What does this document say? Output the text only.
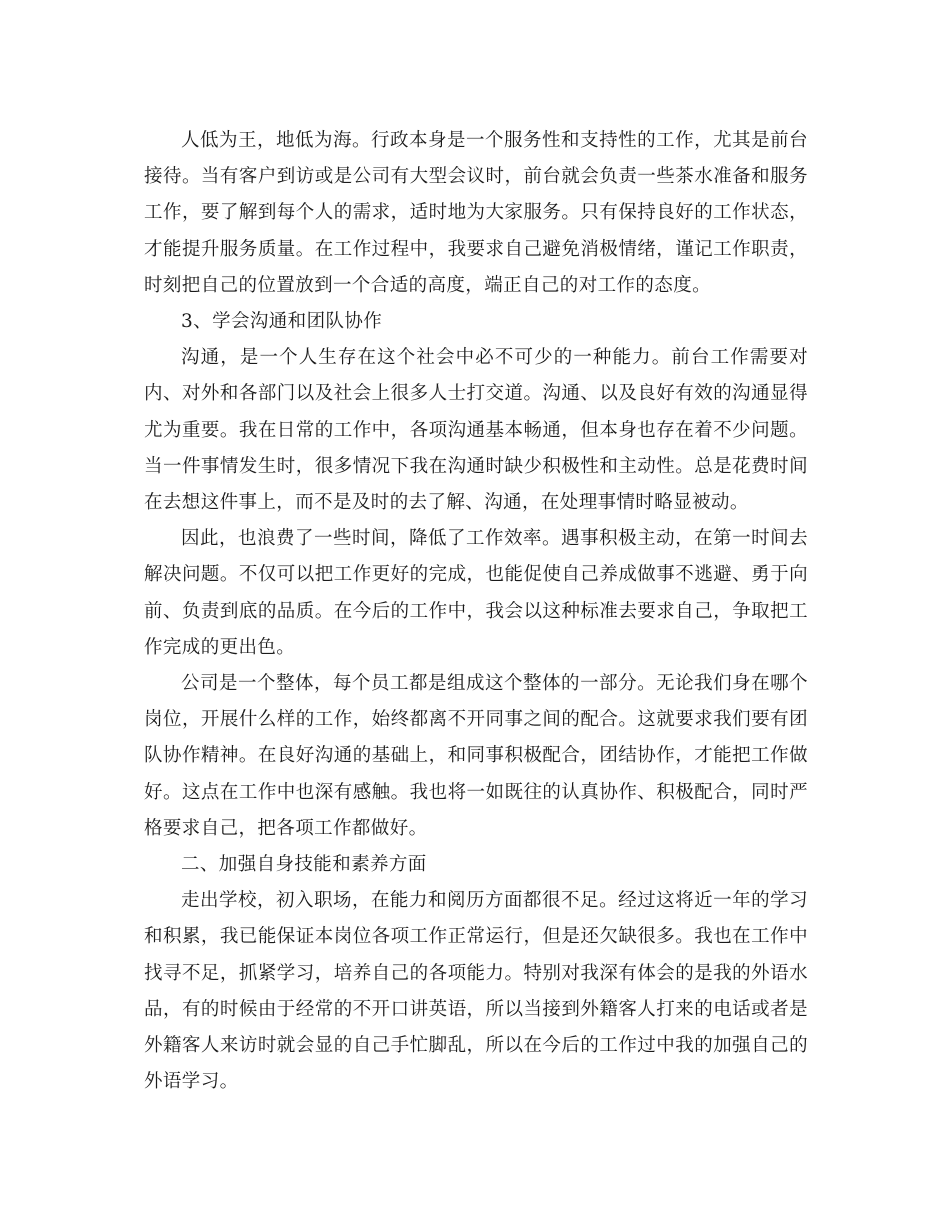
人低为王，地低为海。行政本身是一个服务性和支持性的工作，尤其是前台接待。当有客户到访或是公司有大型会议时，前台就会负责一些茶水准备和服务工作，要了解到每个人的需求，适时地为大家服务。只有保持良好的工作状态，才能提升服务质量。在工作过程中，我要求自己避免消极情绪，谨记工作职责，时刻把自己的位置放到一个合适的高度，端正自己的对工作的态度。

3、学会沟通和团队协作

沟通，是一个人生存在这个社会中必不可少的一种能力。前台工作需要对内、对外和各部门以及社会上很多人士打交道。沟通、以及良好有效的沟通显得尤为重要。我在日常的工作中，各项沟通基本畅通，但本身也存在着不少问题。当一件事情发生时，很多情况下我在沟通时缺少积极性和主动性。总是花费时间在去想这件事上，而不是及时的去了解、沟通，在处理事情时略显被动。

因此，也浪费了一些时间，降低了工作效率。遇事积极主动，在第一时间去解决问题。不仅可以把工作更好的完成，也能促使自己养成做事不逃避、勇于向前、负责到底的品质。在今后的工作中，我会以这种标准去要求自己，争取把工作完成的更出色。

公司是一个整体，每个员工都是组成这个整体的一部分。无论我们身在哪个岗位，开展什么样的工作，始终都离不开同事之间的配合。这就要求我们要有团队协作精神。在良好沟通的基础上，和同事积极配合，团结协作，才能把工作做好。这点在工作中也深有感触。我也将一如既往的认真协作、积极配合，同时严格要求自己，把各项工作都做好。

二、加强自身技能和素养方面

走出学校，初入职场，在能力和阅历方面都很不足。经过这将近一年的学习和积累，我已能保证本岗位各项工作正常运行，但是还欠缺很多。我也在工作中找寻不足，抓紧学习，培养自己的各项能力。特别对我深有体会的是我的外语水品，有的时候由于经常的不开口讲英语，所以当接到外籍客人打来的电话或者是外籍客人来访时就会显的自己手忙脚乱，所以在今后的工作过中我的加强自己的外语学习。
